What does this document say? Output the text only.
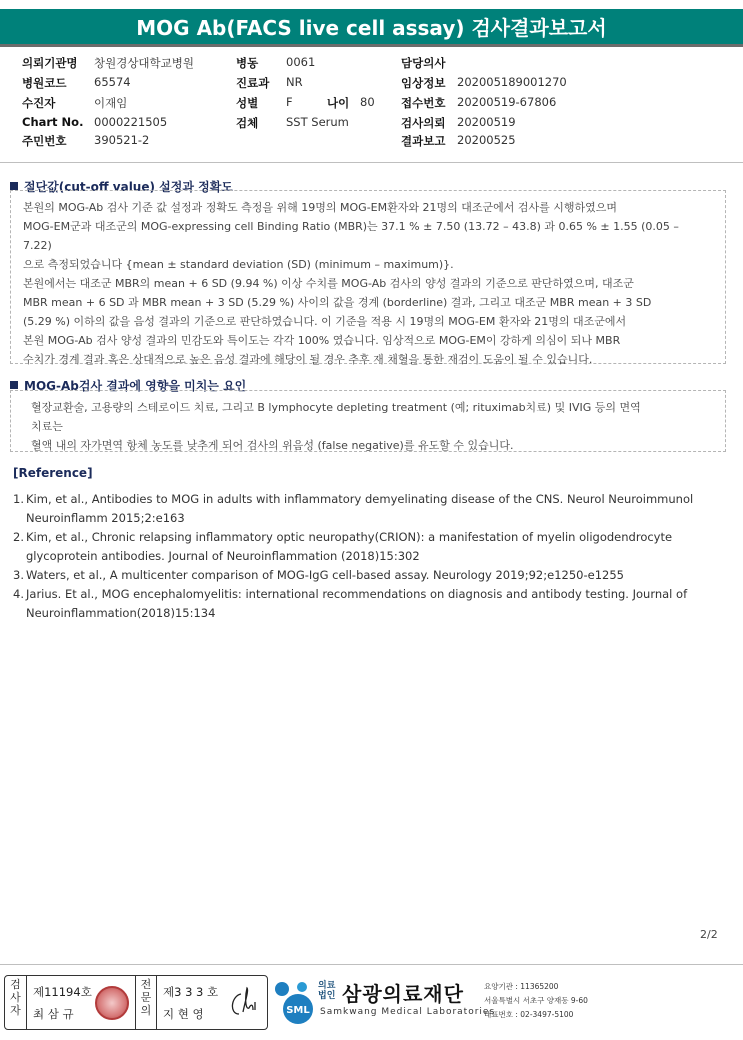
MOG Ab(FACS live cell assay) 검사결과보고서
의뢰기관명 창원경상대학교병원	병동 0061	담당의사
병원코드 65574	진료과 NR	임상정보 202005189001270
수진자	이재임	성별 F	나이 80 접수번호 20200519-67806
Chart No. 0000221505	검체 SST Serum	검사의뢰 20200519
주민번호 390521-2	결과보고 20200525
절단값(cut-off value) 설정과 정확도
본원의 MOG-Ab 검사 기준 값 설정과 정확도 측정을 위해 19명의 MOG-EM환자와 21명의 대조군에서 검사를 시행하였으며
MOG-EM군과 대조군의 MOG-expressing cell Binding Ratio (MBR)는 37.1 % ± 7.50 (13.72 – 43.8) 과 0.65 % ± 1.55 (0.05 –
7.22)
으로 측정되었습니다 {mean ± standard deviation (SD) (minimum – maximum)}.
본원에서는 대조군 MBR의 mean + 6 SD (9.94 %) 이상 수치를 MOG-Ab 검사의 양성 결과의 기준으로 판단하였으며, 대조군
MBR mean + 6 SD 과 MBR mean + 3 SD (5.29 %) 사이의 값을 경계 (borderline) 결과, 그리고 대조군 MBR mean + 3 SD
(5.29 %) 이하의 값을 음성 결과의 기준으로 판단하였습니다. 이 기준을 적용 시 19명의 MOG-EM 환자와 21명의 대조군에서
본원 MOG-Ab 검사 양성 결과의 민감도와 특이도는 각각 100% 였습니다. 임상적으로 MOG-EM이 강하게 의심이 되나 MBR
수치가 경계 결과 혹은 상대적으로 높은 음성 결과에 해당이 될 경우 추후 재 채혈을 통한 재검이 도움이 될 수 있습니다.
MOG-Ab검사 결과에 영향을 미치는 요인
혈장교환술, 고용량의 스테로이드 치료, 그리고 B lymphocyte depleting treatment (예; rituximab치료) 및 IVIG 등의 면역
치료는
혈액 내의 자가면역 항체 농도를 낮추게 되어 검사의 위음성 (false negative)를 유도할 수 있습니다.
[Reference]
1. Kim, et al., Antibodies to MOG in adults with inflammatory demyelinating disease of the CNS. Neurol Neuroimmunol
Neuroinflamm 2015;2:e163
2. Kim, et al., Chronic relapsing inflammatory optic neuropathy(CRION): a manifestation of myelin oligodendrocyte
glycoprotein antibodies. Journal of Neuroinflammation (2018)15:302
3. Waters, et al., A multicenter comparison of MOG-IgG cell-based assay. Neurology 2019;92;e1250-e1255
4. Jarius. Et al., MOG encephalomyelitis: international recommendations on diagnosis and antibody testing. Journal of
Neuroinflammation(2018)15:134
2/2
검사자
제11194호
최 삼 규
전문의
제3 3 3 호
지 현 영	SML
의료
법인 삼광의료재단
Samkwang Medical Laboratories
요양기관 : 11365200
서울특별시 서초구 양재동 9-60
대표번호 : 02-3497-5100
